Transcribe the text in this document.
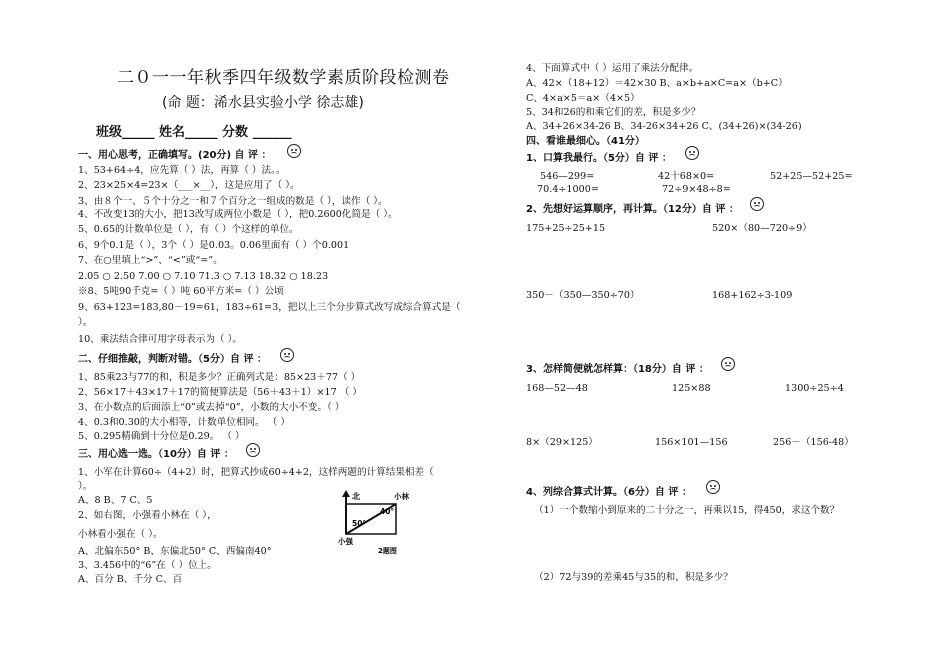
二０一一年秋季四年级数学素质阶段检测卷
(命 题：浠水县实验小学 徐志雄)
班级_____ 姓名_____ 分数 ______
一、用心思考，正确填写。(20分) 自 评 ：
1、53+64÷4，应先算（ ）法，再算（ ）法。。
2、23×25×4=23×（___×__），这是应用了（ ）。
3、由８个一、５个十分之一和７个百分之一组成的数是（ ），读作（ ）。
4、不改变13的大小，把13改写成两位小数是（ ），把0.2600化简是（ ）。
5、0.65的计数单位是（ ），有（ ）个这样的单位。
6、9个0.1是（ ），3个（ ）是0.03。0.06里面有（ ）个0.001
7、在○里填上“>”、“<”或“=”。
2.05 ○ 2.50 7.00 ○ 7.10 71.3 ○ 7.13 18.32 ○ 18.23
※8、5吨90千克=（ ）吨 60平方米=（ ）公顷
9、63+123=183,80－19=61，183÷61=3，把以上三个分步算式改写成综合算式是（
）。
10、乘法结合律可用字母表示为（ ）。
二、仔细推敲，判断对错。（5分）自 评 ：
1、85乘23与77的和，积是多少？正确列式是：85×23＋77（ ）
2、56×17＋43×17＋17的简便算法是（56＋43＋1）×17 （ ）
3、在小数点的后面添上“0”或去掉“0”，小数的大小不变。（ ）
4、0.3和0.30的大小相等，计数单位相同。 （ ）
5、0.295精确到十分位是0.29。 （ ）
三、用心选一选。（10分）自 评 ：
1、小军在计算60÷（4+2）时，把算式抄成60÷4+2，这样两题的计算结果相差（
）。
A、8 B、7 C、5
2、如右图，小强看小林在（ ），
小林看小强在（ ）。
A、北偏东50° B、东偏北50° C、西偏南40°
3、3.456中的“6”在（ ）位上。
A、百分 B、千分 C、百
北	小林
小强
50°
40°
2题图
4、下面算式中（ ）运用了乘法分配律。
A、42×（18+12）＝42×30 B、a×b+a×C=a×（b+C）
C、4×a×5＝a×（4×5）
5、34和26的和乘它们的差，积是多少？
A、34+26×34-26 B、34-26×34+26 C、(34+26)×(34-26)
四、看谁最细心。（41分）
1、口算我最行。（5分）自 评 ：
546—299=	42十68×0=	52+25—52+25=
70.4÷1000=	72÷9×48÷8=
2、先想好运算顺序，再计算。（12分）自 评 ：
175+25÷25+15	520×（80—720÷9）
350－（350—350÷70）	168+162÷3-109
3、怎样简便就怎样算：（18分）自 评 ：
168—52—48	125×88	1300÷25÷4
8×（29×125）	156×101—156	256－（156-48）
4、列综合算式计算。（6分）自 评 ：
（1）一个数缩小到原来的二十分之一，再乘以15，得450，求这个数？
（2）72与39的差乘45与35的和，积是多少？
